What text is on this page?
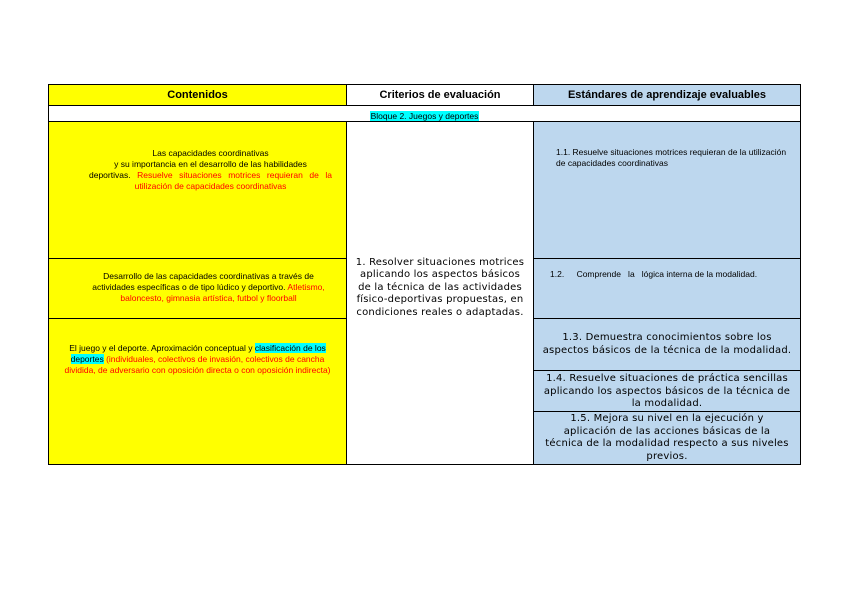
Contenidos	Criterios de evaluación	Estándares de aprendizaje evaluables
Bloque 2. Juegos y deportes
Las capacidades coordinativas
y su importancia en el desarrollo de las habilidades
deportivas. Resuelve situaciones motrices requieran de la utilización de capacidades coordinativas
Desarrollo de las capacidades coordinativas a través de actividades específicas o de tipo lúdico y deportivo. Atletismo, baloncesto, gimnasia artística, futbol y floorball
El juego y el deporte. Aproximación conceptual y clasificación de los deportes (individuales, colectivos de invasión, colectivos de cancha dividida, de adversario con oposición directa o con oposición indirecta)
1. Resolver situaciones motrices aplicando los aspectos básicos de la técnica de las actividades físico-deportivas propuestas, en condiciones reales o adaptadas.
1.1. Resuelve situaciones motrices requieran de la utilización de capacidades coordinativas
1.2. Comprende   la   lógica interna de la modalidad.
1.3. Demuestra conocimientos sobre los aspectos básicos de la técnica de la modalidad.
1.4. Resuelve situaciones de práctica sencillas aplicando los aspectos básicos de la técnica de la modalidad.
1.5. Mejora su nivel en la ejecución y aplicación de las acciones básicas de la técnica de la modalidad respecto a sus niveles previos.
